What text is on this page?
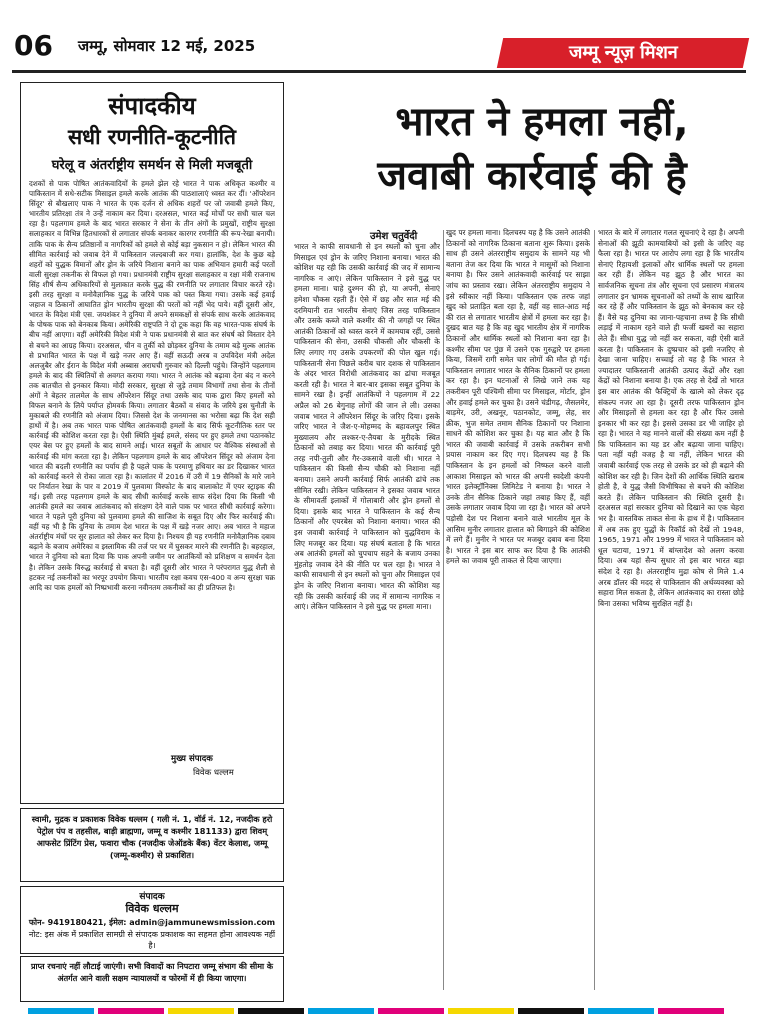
06	जम्मू, सोमवार 12 मई, 2025	जम्मू न्यूज़ मिशन
संपादकीय
सधी रणनीति-कूटनीति
घरेलू व अंतर्राष्ट्रीय समर्थन से मिली मजबूती
दशकों से पाक पोषित आतंकवादियों के हमले झेल रहे भारत ने पाक अधिकृत कश्मीर व पाकिस्तान में सधे-सटीक मिसाइल हमले करके आतंक की पाठशालाएं ध्वस्त कर दीं। 'ऑपरेशन सिंदूर' से बौखलाए पाक ने भारत के एक दर्जन से अधिक शहरों पर जो जवाबी हमले किए, भारतीय प्रतिरक्षा तंत्र ने उन्हें नाकाम कर दिया। दरअसल, भारत कई मोर्चों पर सधी चाल चल रहा है। पहलगाम हमले के बाद भारत सरकार ने सेना के तीन अंगों के प्रमुखों, राष्ट्रीय सुरक्षा सलाहकार व विभिन्न हितधारकों से लगातार संपर्क बनाकर कारगर रणनीति की रूप-रेखा बनायी। ताकि पाक के सैन्य प्रतिष्ठानों व नागरिकों को हमले से कोई बड़ा नुकसान न हो। लेकिन भारत की सीमित कार्रवाई को जवाब देने में पाकिस्तान जल्दबाजी कर गया। हालांकि, देश के कुछ बड़े शहरों को युद्धक विमानों और ड्रोन के जरिये निशाना बनाने का पाक अभियान हमारी कई परतों वाली सुरक्षा तकनीक से विफल हो गया। प्रधानमंत्री राष्ट्रीय सुरक्षा सलाहकार व रक्षा मंत्री राजनाथ सिंह शीर्ष सैन्य अधिकारियों से मुलाकात करके युद्ध की रणनीति पर लगातार विचार करते रहे। इसी तरह सुरक्षा व मनोवैज्ञानिक युद्ध के जरिये पाक को पस्त किया गया। उसके कई हवाई जहाज व ठिकानों आघातित ड्रोन भारतीय सुरक्षा की परतों को नहीं भेद पाये। वहीं दूसरी ओर, भारत के विदेश मंत्री एस. जयशंकर ने दुनिया में अपने समकक्षों से संपर्क साध करके आतंकवाद के पोषक पाक को बेनकाब किया। अमेरिकी राष्ट्रपति ने दो टूक कहा कि वह भारत-पाक संघर्ष के बीच नहीं आएगा। वहीं अमेरिकी विदेश मंत्री ने पाक प्रधानमंत्री से बात कर संघर्ष को विस्तार देने से बचने का आग्रह किया। दरअसल, चीन व तुर्की को छोड़कर दुनिया के तमाम बड़े मुल्क आतंक से प्रभावित भारत के पक्ष में खड़े नजर आए हैं। वहीं सऊदी अरब व उपविदेश मंत्री अदेल अलजुबैर और ईरान के विदेश मंत्री अब्बास अराघची गुरुवार को दिल्ली पहुंचे। जिन्होंने पहलगाम हमले के बाद की स्थितियों से अवगत कराया गया। भारत ने आतंक को बढ़ावा देना बंद न करने तक बातचीत से इनकार किया। मोदी सरकार, सुरक्षा से जुड़े तमाम विभागों तथा सेना के तीनों अंगों ने बेहतर तालमेल के साथ ऑपरेशन सिंदूर तथा उसके बाद पाक द्वारा किए हमलों को विफल बनाने के लिये पर्याप्त होमवर्क किया। लगातार बैठकों व संवाद के जरिये इस चुनौती के मुकाबले की रणनीति को अंजाम दिया। जिससे देश के जनमानस का भरोसा बढ़ा कि देश सही हाथों में है। अब तक भारत पाक पोषित आतंकवादी हमलों के बाद सिर्फ कूटनीतिक स्तर पर कार्रवाई की कोशिश करता रहा है। ऐसी स्थिति मुंबई हमले, संसद पर हुए हमले तथा पठानकोट एयर बेस पर हुए हमलों के बाद सामने आई। भारत सबूतों के आधार पर वैश्विक संस्थाओं से कार्रवाई की मांग करता रहा है। लेकिन पहलगाम हमले के बाद ऑपरेशन सिंदूर को अंजाम देना भारत की बदली रणनीति का पर्याय ही है पहले पाक के परमाणु हथियार का डर दिखाकर भारत को कार्रवाई करने से रोका जाता रहा है। कालांतर में 2016 में उरी में 19 सैनिकों के मारे जाने पर निर्यातन रेखा के पार व 2019 में पुलवामा विस्फोट के बाद बालाकोट में एयर स्ट्राइक की गई। इसी तरह पहलगाम हमले के बाद सीधी कार्रवाई करके साफ संदेश दिया कि किसी भी आतंकी हमले का जवाब आतंकवाद को संरक्षण देने वाले पाक पर भारत सीधी कार्रवाई करेगा। भारत ने पहले पूरी दुनिया को पुलवामा हमले की साजिश के सबूत दिए और फिर कार्रवाई की। वहीं यह भी है कि दुनिया के तमाम देश भारत के पक्ष में खड़े नजर आए। अब भारत ने महाज अंतर्राष्ट्रीय मंचों पर सुर हालात को लेकर कर दिया है। निश्चय ही यह रणनीति मनोवैज्ञानिक दबाव बढ़ाने के बजाय अमेरिका व इस्लामिक की तर्ज पर घर में घुसकर मारने की रणनीति है। बहरहाल, भारत ने दुनिया को बता दिया कि पाक अपनी जमीन पर आतंकियों को प्रशिक्षण व समर्थन देता है। लेकिन उसके विरुद्ध कार्रवाई से बचता है। वहीं दूसरी ओर भारत ने परंपरागत युद्ध शैली से हटकर नई तकनीकों का भरपूर उपयोग किया। भारतीय रक्षा कवच एस-400 व अन्य सुरक्षा चक्र आदि का पाक हमलों को निष्प्रभावी करना नवीनतम तकनीकों का ही प्रतिफल है।
मुख्य संपादक
विवेक धल्लम
स्वामी, मुद्रक व प्रकाशक विवेक धल्लम ( गली नं. 1, वॉर्ड नं. 12, नजदीक हरो पेट्रोल पंप व तहसील, बाड़ी ब्राह्मणा, जम्मू व कश्मीर 181133) द्वारा शिवम् आफसेट प्रिंटिंग प्रेस, फवारा चौक (नजदीक जेऑडके बैंक) वेंटर केलाश, जम्मू (जम्मू-कश्मीर) से प्रकाशित।
संपादक
विवेक धल्लम
फोन- 9419180421, ईमेल: admin@jammunewsmission.com
नोट: इस अंक में प्रकाशित सामग्री से संपादक प्रकाशक का सहमत होना आवश्यक नहीं है।
प्राप्त रचनाएं नहीं लौटाई जाएंगी। सभी विवादों का निपटारा जम्मू संभाग की सीमा के अंतर्गत आने वाली सक्षम न्यायालयों व फोरमों में ही किया जाएगा।
भारत ने हमला नहीं,
जवाबी कार्रवाई की है
उमेश चतुर्वेदी
भारत ने काफी सावधानी से इन स्थलों को चुना और मिसाइल एवं ड्रोन के जरिए निशाना बनाया। भारत की कोशिश यह रही कि उसकी कार्रवाई की जद में सामान्य नागरिक न आएं। लेकिन पाकिस्तान ने इसे युद्ध पर हमला माना। चाहे दुश्मन की हो, या अपनी, सेनाएं हमेशा चौकस रहती हैं। ऐसे में छह और सात मई की दरमियानी रात भारतीय सेनाएं जिस तरह पाकिस्तान और उसके कब्जे वाले कश्मीर की नौ जगहों पर स्थित आतंकी ठिकानों को ध्वस्त करने में कामयाब रहीं, उससे पाकिस्तान की सेना, उसकी चौकसी और चौकसी के लिए लगाए गए उसके उपकरणों की पोल खुल गई। पाकिस्तानी सेना पिछले करीब चार दशक से पाकिस्तान के अंदर भारत विरोधी आतंकवाद का ढांचा मजबूत करती रही है। भारत ने बार-बार इसका सबूत दुनिया के सामने रखा है। इन्हीं आतंकियों ने पहलगाम में 22 अप्रैल को 26 बेगुनाह लोगों की जान ले ली। उसका जवाब भारत ने ऑपरेशन सिंदूर के जरिए दिया। इसके जरिए भारत ने जैश-ए-मोहम्मद के बहावलपुर स्थित मुख्यालय और लश्कर-ए-तैयबा के मुरीदके स्थित ठिकानों को तबाह कर दिया। भारत की कार्रवाई पूरी तरह नपी-तुली और गैर-उकसावे वाली थी। भारत ने पाकिस्तान की किसी सैन्य चौकी को निशाना नहीं बनाया। उसने अपनी कार्रवाई सिर्फ आतंकी ढांचे तक सीमित रखी। लेकिन पाकिस्तान ने इसका जवाब भारत के सीमावर्ती इलाकों में गोलाबारी और ड्रोन हमलों से दिया। इसके बाद भारत ने पाकिस्तान के कई सैन्य ठिकानों और एयरबेस को निशाना बनाया। भारत की इस जवाबी कार्रवाई ने पाकिस्तान को युद्धविराम के लिए मजबूर कर दिया। यह संघर्ष बताता है कि भारत अब आतंकी हमलों को चुपचाप सहने के बजाय उनका मुंहतोड़ जवाब देने की नीति पर चल रहा है। भारत ने काफी सावधानी से इन स्थलों को चुना और मिसाइल एवं ड्रोन के जरिए निशाना बनाया। भारत की कोशिश यह रही कि उसकी कार्रवाई की जद में सामान्य नागरिक न आएं। लेकिन पाकिस्तान ने इसे युद्ध पर हमला माना।
खुद पर हमला माना। दिलचस्प यह है कि उसने आतंकी ठिकानों को नागरिक ठिकाना बताना शुरू किया। इसके साथ ही उसने अंतरराष्ट्रीय समुदाय के सामने यह भी बताना तेज कर दिया कि भारत ने मासूमों को निशाना बनाया है। फिर उसने आतंकवादी कार्रवाई पर साझा जांच का प्रस्ताव रखा। लेकिन अंतरराष्ट्रीय समुदाय ने इसे स्वीकार नहीं किया। पाकिस्तान एक तरफ जहां खुद को प्रताड़ित बता रहा है, वहीं वह सात-आठ मई की रात से लगातार भारतीय क्षेत्रों में हमला कर रहा है। दुखद बात यह है कि वह खुद भारतीय क्षेत्र में नागरिक ठिकानों और धार्मिक स्थलों को निशाना बना रहा है। कश्मीर सीमा पर पुंछ में उसने एक गुरुद्वारे पर हमला किया, जिसमें रागी समेत चार लोगों की मौत हो गई। पाकिस्तान लगातार भारत के सैनिक ठिकानों पर हमला कर रहा है। इन घटनाओं से लिखे जाने तक यह तकरीबन पूरी पश्चिमी सीमा पर मिसाइल, मोर्टार, ड्रोन और हवाई हमले कर चुका है। उसने चंडीगढ़, जैसलमेर, बाड़मेर, उरी, अखनूर, पठानकोट, जम्मू, लेह, सर क्रीक, भुज समेत तमाम सैनिक ठिकानों पर निशाना साधने की कोशिश कर चुका है। यह बात और है कि भारत की जवाबी कार्रवाई में उसके तकरीबन सभी प्रयास नाकाम कर दिए गए। दिलचस्प यह है कि पाकिस्तान के इन हमलों को निष्फल करने वाली आकाश मिसाइल को भारत की अपनी स्वदेशी कंपनी भारत इलेक्ट्रॉनिक्स लिमिटेड ने बनाया है। भारत ने उनके तीन सैनिक ठिकाने जहां तबाह किए हैं, वहीं उसके लगातार जवाब दिया जा रहा है। भारत को अपने पड़ोसी देश पर निशाना बनाने वाले भारतीय मूल के आसिम मुनीर लगातार हालात को बिगाड़ने की कोशिश में लगे हैं। मुनीर ने भारत पर मजबूर दबाव बना दिया है। भारत ने इस बार साफ कर दिया है कि आतंकी हमले का जवाब पूरी ताकत से दिया जाएगा।
भारत के बारे में लगातार गलत सूचनाएं दे रहा है। अपनी सेनाओं की झूठी कामयाबियों को इसी के जरिए वह फैला रहा है। भारत पर आरोप लगा रहा है कि भारतीय सेनाएं रिहायशी इलाकों और धार्मिक स्थलों पर हमला कर रही हैं। लेकिन यह झूठ है और भारत का सार्वजनिक सूचना तंत्र और सूचना एवं प्रसारण मंत्रालय लगातार इन भ्रामक सूचनाओं को तथ्यों के साथ खारिज कर रहे हैं और पाकिस्तान के झूठ को बेनकाब कर रहे हैं। वैसे यह दुनिया का जाना-पहचाना तथ्य है कि सीधी लड़ाई में नाकाम रहने वाले ही फर्जी खबरों का सहारा लेते हैं। सीधा युद्ध जो नहीं कर सकता, वही ऐसी बातें करता है। पाकिस्तान के दुष्प्रचार को इसी नजरिए से देखा जाना चाहिए। सच्चाई तो यह है कि भारत ने ज्यादातर पाकिस्तानी आतंकी उत्पाद केंद्रों और रक्षा केंद्रों को निशाना बनाया है। एक तरह से देखें तो भारत इस बार आतंक की फैक्ट्रियों के खात्मे को लेकर दृढ़ संकल्प नजर आ रहा है। दूसरी तरफ पाकिस्तान ड्रोन और मिसाइलों से हमला कर रहा है और फिर उससे इनकार भी कर रहा है। इससे उसका डर भी जाहिर हो रहा है। भारत ने यह मानने वालों की संख्या कम नहीं है कि पाकिस्तान का यह डर और बढ़ाया जाना चाहिए। पता नहीं यही वजह है या नहीं, लेकिन भारत की जवाबी कार्रवाई एक तरह से उसके डर को ही बढ़ाने की कोशिश कर रही है। जिन देशों की आर्थिक स्थिति खराब होती है, वे युद्ध जैसी विभीषिका से बचने की कोशिश करते हैं। लेकिन पाकिस्तान की स्थिति दूसरी है। दरअसल वहां सरकार दुनिया को दिखाने का एक चेहरा भर है। वास्तविक ताकत सेना के हाथ में है। पाकिस्तान में अब तक हुए युद्धों के रिकॉर्ड को देखें तो 1948, 1965, 1971 और 1999 में भारत ने पाकिस्तान को धूल चटाया, 1971 में बांग्लादेश को अलग करवा दिया। अब यहां सैन्य सुधार तो इस बार भारत बड़ा संदेश दे रहा है। अंतरराष्ट्रीय मुद्रा कोष से मिले 1.4 अरब डॉलर की मदद से पाकिस्तान की अर्थव्यवस्था को सहारा मिल सकता है, लेकिन आतंकवाद का रास्ता छोड़े बिना उसका भविष्य सुरक्षित नहीं है।
